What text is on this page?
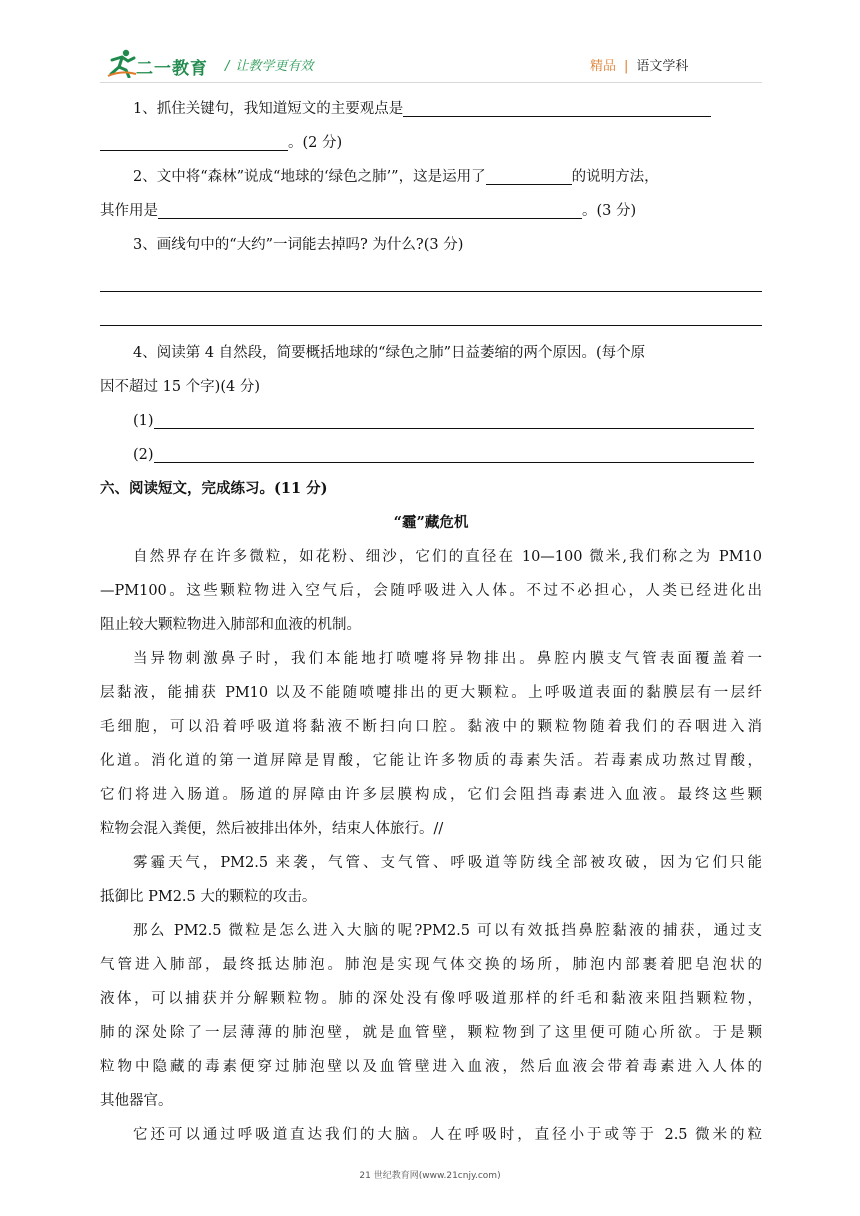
二一教育 / 让教学更有效	精品 | 语文学科
1、抓住关键句，我知道短文的主要观点是
。(2 分)
2、文中将“森林”说成“地球的‘绿色之肺’”，这是运用了	的说明方法，
其作用是	。(3 分)
3、画线句中的“大约”一词能去掉吗? 为什么?(3 分)
4、阅读第 4 自然段，简要概括地球的“绿色之肺”日益萎缩的两个原因。(每个原
因不超过 15 个字)(4 分)
(1)
(2)
六、阅读短文，完成练习。(11 分)
“霾”藏危机
自然界存在许多微粒，如花粉、细沙，它们的直径在 10—100 微米,我们称之为 PM10
—PM100。这些颗粒物进入空气后，会随呼吸进入人体。不过不必担心，人类已经进化出
阻止较大颗粒物进入肺部和血液的机制。
当异物刺激鼻子时，我们本能地打喷嚏将异物排出。鼻腔内膜支气管表面覆盖着一
层黏液，能捕获 PM10 以及不能随喷嚏排出的更大颗粒。上呼吸道表面的黏膜层有一层纤
毛细胞，可以沿着呼吸道将黏液不断扫向口腔。黏液中的颗粒物随着我们的吞咽进入消
化道。消化道的第一道屏障是胃酸，它能让许多物质的毒素失活。若毒素成功熬过胃酸，
它们将进入肠道。肠道的屏障由许多层膜构成，它们会阻挡毒素进入血液。最终这些颗
粒物会混入粪便，然后被排出体外，结束人体旅行。//
雾霾天气，PM2.5 来袭，气管、支气管、呼吸道等防线全部被攻破，因为它们只能
抵御比 PM2.5 大的颗粒的攻击。
那么 PM2.5 微粒是怎么进入大脑的呢?PM2.5 可以有效抵挡鼻腔黏液的捕获，通过支
气管进入肺部，最终抵达肺泡。肺泡是实现气体交换的场所，肺泡内部裹着肥皂泡状的
液体，可以捕获并分解颗粒物。肺的深处没有像呼吸道那样的纤毛和黏液来阻挡颗粒物，
肺的深处除了一层薄薄的肺泡壁，就是血管壁，颗粒物到了这里便可随心所欲。于是颗
粒物中隐藏的毒素便穿过肺泡壁以及血管壁进入血液，然后血液会带着毒素进入人体的
其他器官。
它还可以通过呼吸道直达我们的大脑。人在呼吸时，直径小于或等于 2.5 微米的粒
21 世纪教育网(www.21cnjy.com)
